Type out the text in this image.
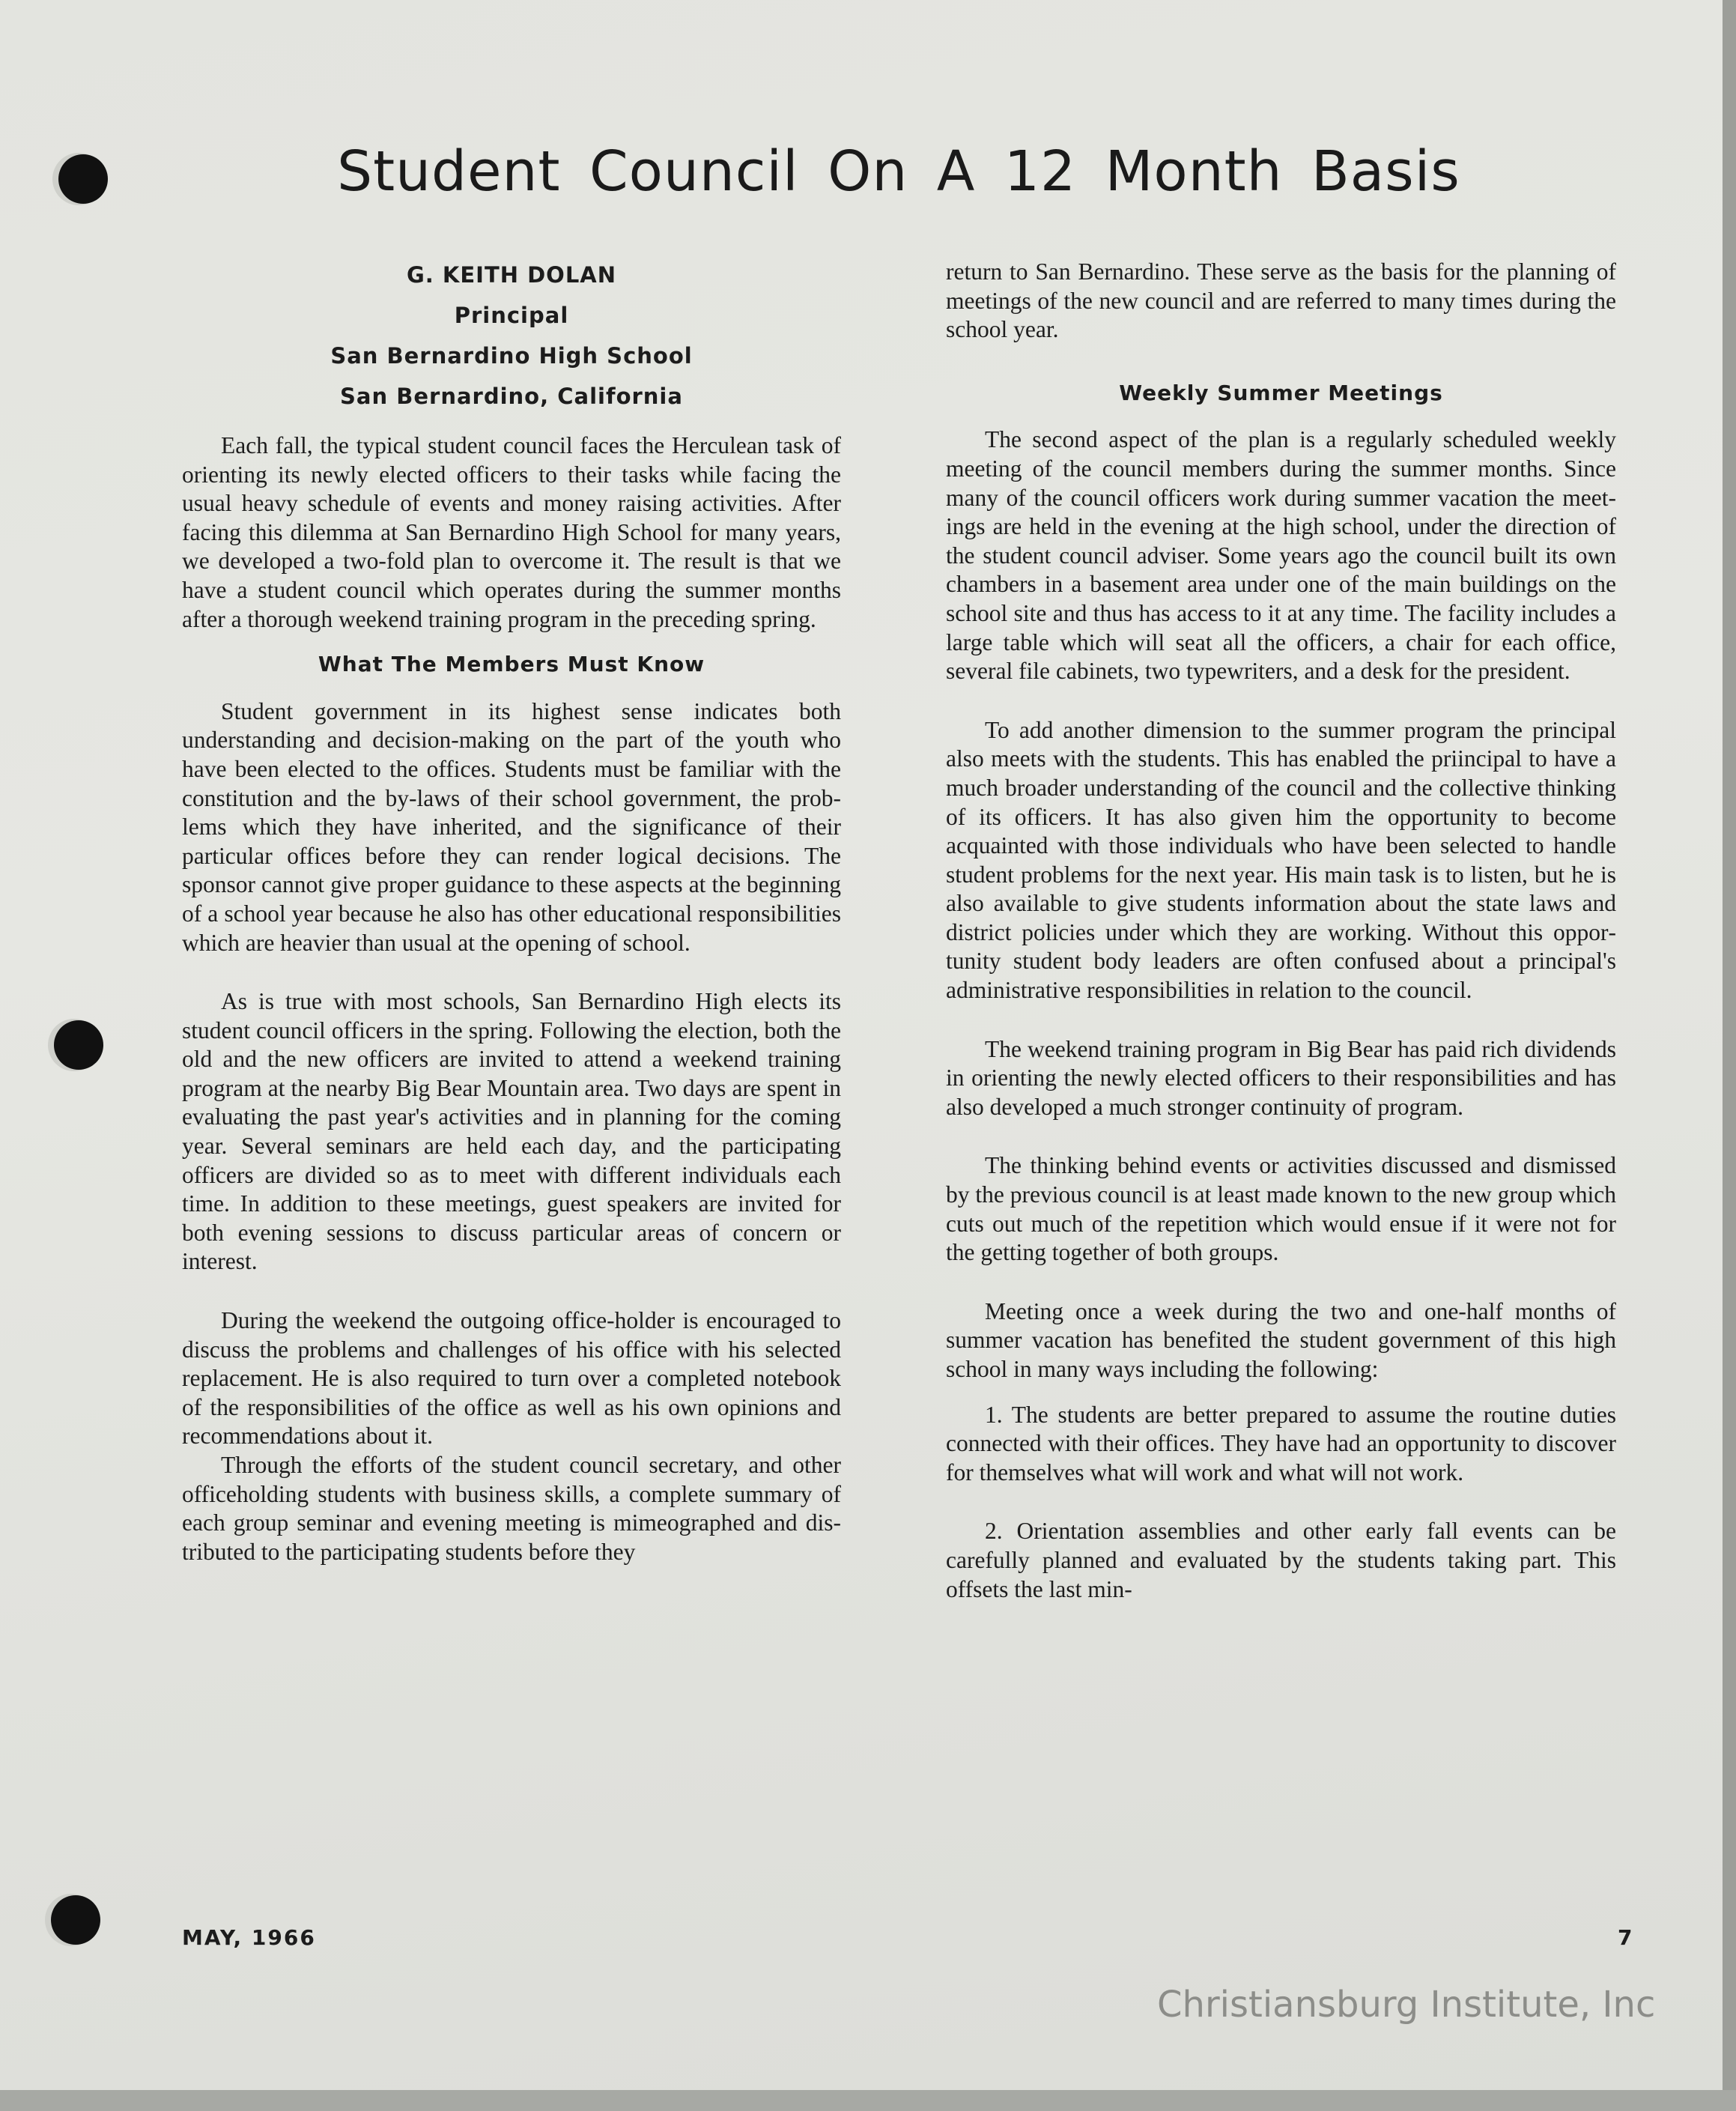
Student Council On A 12 Month Basis
G. KEITH DOLAN
Principal
San Bernardino High School
San Bernardino, California

Each fall, the typical student council faces the Herculean task of orienting its newly elected officers to their tasks while facing the usual heavy schedule of events and money raising activities. After facing this dilemma at San Bernardino High School for many years, we developed a two-fold plan to overcome it. The result is that we have a student council which operates during the summer months after a thorough weekend training program in the preceding spring.

What The Members Must Know

Student government in its highest sense indicates both understanding and decision-making on the part of the youth who have been elected to the offices. Students must be familiar with the constitution and the by-laws of their school government, the problems which they have inherited, and the significance of their particular offices before they can render logical decisions. The sponsor cannot give proper guidance to these aspects at the beginning of a school year because he also has other educational responsibilities which are heavier than usual at the opening of school.

As is true with most schools, San Bernardino High elects its student council officers in the spring. Following the election, both the old and the new officers are invited to attend a weekend training program at the nearby Big Bear Mountain area. Two days are spent in evaluating the past year's activities and in planning for the coming year. Several seminars are held each day, and the participating officers are divided so as to meet with different individuals each time. In addition to these meetings, guest speakers are invited for both evening sessions to discuss particular areas of concern or interest.

During the weekend the outgoing office-holder is encouraged to discuss the problems and challenges of his office with his selected replacement. He is also required to turn over a completed notebook of the responsibilities of the office as well as his own opinions and recommendations about it.

Through the efforts of the student council secretary, and other officeholding students with business skills, a complete summary of each group seminar and evening meeting is mimeographed and distributed to the participating students before they

return to San Bernardino. These serve as the basis for the planning of meetings of the new council and are referred to many times during the school year.

Weekly Summer Meetings

The second aspect of the plan is a regularly scheduled weekly meeting of the council members during the summer months. Since many of the council officers work during summer vacation the meetings are held in the evening at the high school, under the direction of the student council adviser. Some years ago the council built its own chambers in a basement area under one of the main buildings on the school site and thus has access to it at any time. The facility includes a large table which will seat all the officers, a chair for each office, several file cabinets, two typewriters, and a desk for the president.

To add another dimension to the summer program the principal also meets with the students. This has enabled the priincipal to have a much broader understanding of the council and the collective thinking of its officers. It has also given him the opportunity to become acquainted with those individuals who have been selected to handle student problems for the next year. His main task is to listen, but he is also available to give students information about the state laws and district policies under which they are working. Without this opportunity student body leaders are often confused about a principal's administrative responsibilities in relation to the council.

The weekend training program in Big Bear has paid rich dividends in orienting the newly elected officers to their responsibilities and has also developed a much stronger continuity of program.

The thinking behind events or activities discussed and dismissed by the previous council is at least made known to the new group which cuts out much of the repetition which would ensue if it were not for the getting together of both groups.

Meeting once a week during the two and one-half months of summer vacation has benefited the student government of this high school in many ways including the following:

1. The students are better prepared to assume the routine duties connected with their offices. They have had an opportunity to discover for themselves what will work and what will not work.

2. Orientation assemblies and other early fall events can be carefully planned and evaluated by the students taking part. This offsets the last min-

MAY, 1966	7
Christiansburg Institute, Inc
